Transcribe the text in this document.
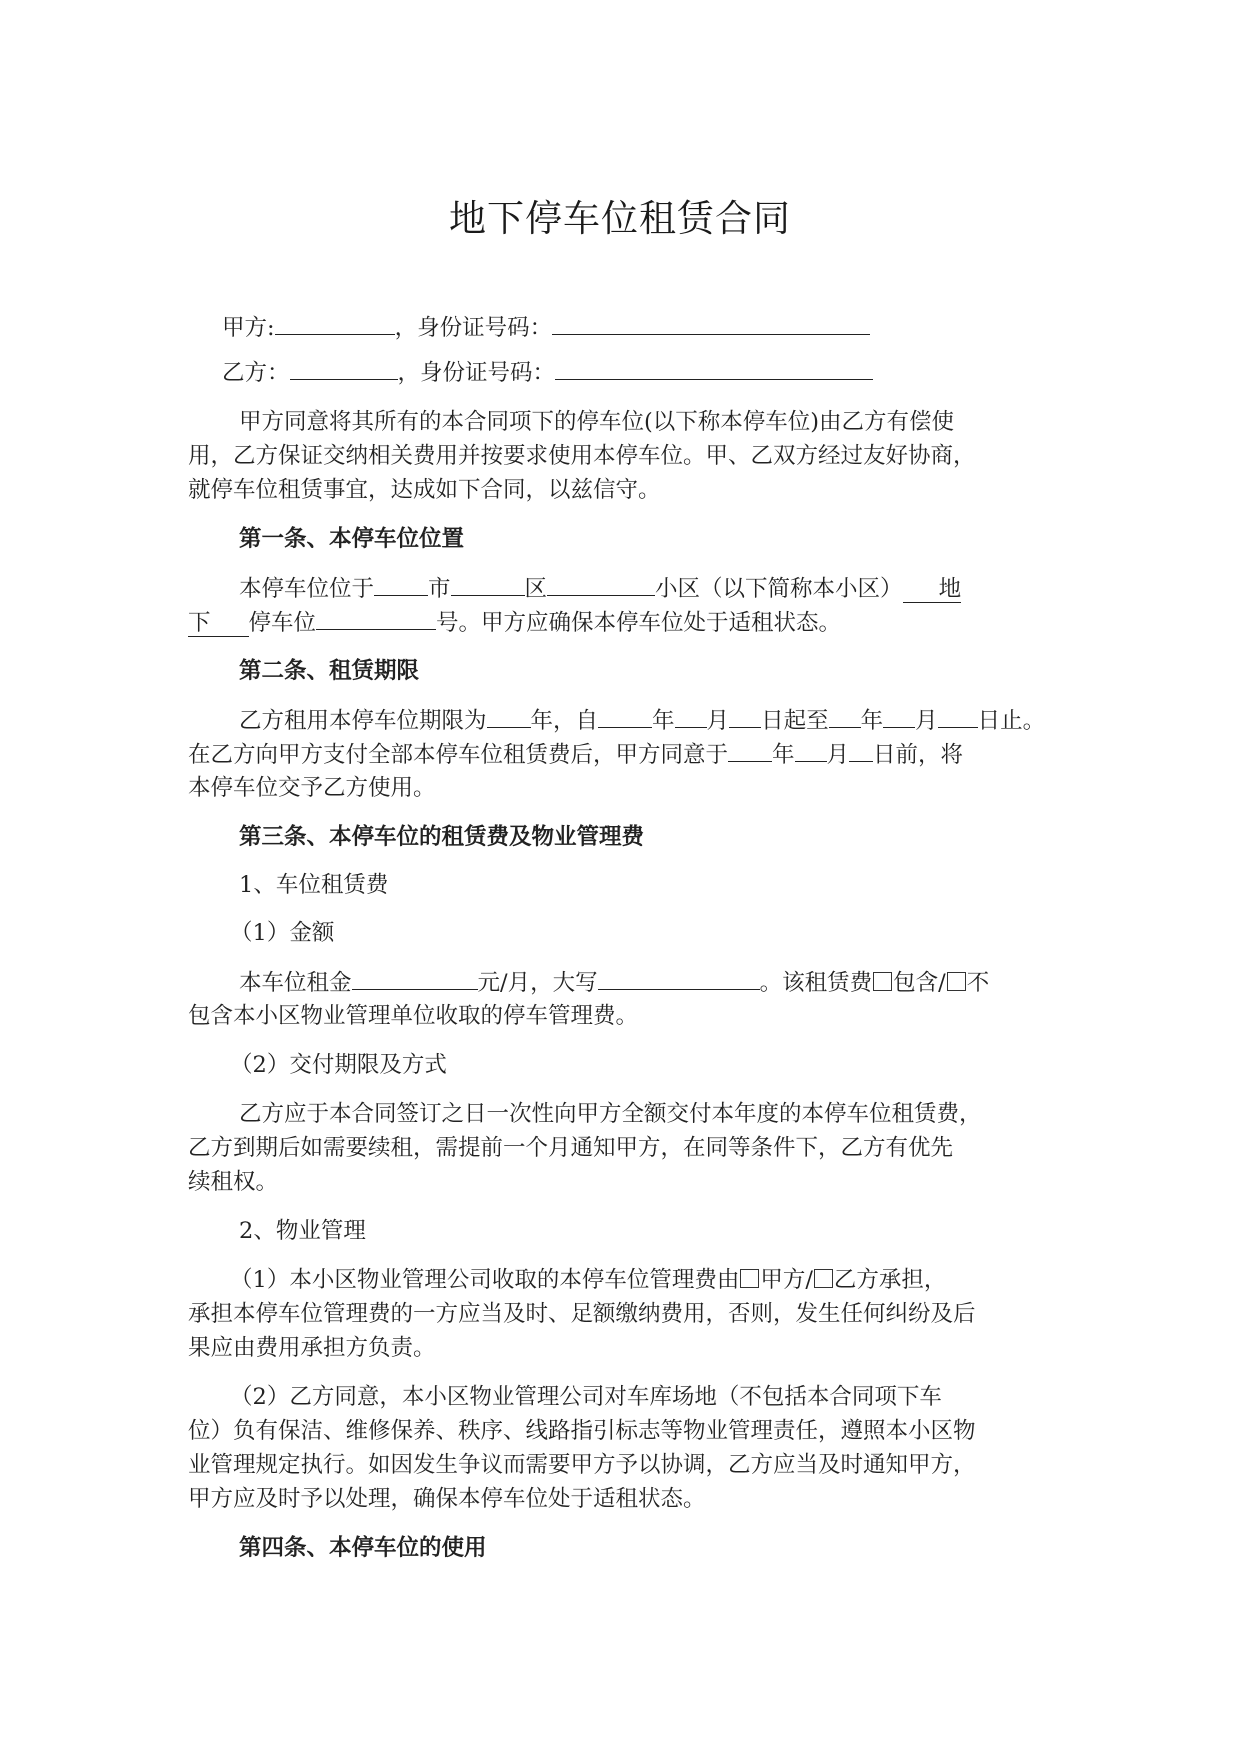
地下停车位租赁合同
甲方:	，身份证号码：
乙方：	，身份证号码：
甲方同意将其所有的本合同项下的停车位(以下称本停车位)由乙方有偿使
用，乙方保证交纳相关费用并按要求使用本停车位。甲、乙双方经过友好协商，
就停车位租赁事宜，达成如下合同，以兹信守。
第一条、本停车位位置
本停车位位于 市	区	小区（以下简称本小区） 地
下 停车位	号。甲方应确保本停车位处于适租状态。
第二条、租赁期限
乙方租用本停车位期限为 年，自 年 月 日起至 年 月 日止。
在乙方向甲方支付全部本停车位租赁费后，甲方同意于 年 月 日前，将
本停车位交予乙方使用。
第三条、本停车位的租赁费及物业管理费
1、车位租赁费
（1）金额
本车位租金	元/月，大写	。该租赁费 包含/ 不
包含本小区物业管理单位收取的停车管理费。
（2）交付期限及方式
乙方应于本合同签订之日一次性向甲方全额交付本年度的本停车位租赁费，
乙方到期后如需要续租，需提前一个月通知甲方，在同等条件下，乙方有优先
续租权。
2、物业管理
（1）本小区物业管理公司收取的本停车位管理费由 甲方/ 乙方承担，
承担本停车位管理费的一方应当及时、足额缴纳费用，否则，发生任何纠纷及后
果应由费用承担方负责。
（2）乙方同意，本小区物业管理公司对车库场地（不包括本合同项下车
位）负有保洁、维修保养、秩序、线路指引标志等物业管理责任，遵照本小区物
业管理规定执行。如因发生争议而需要甲方予以协调，乙方应当及时通知甲方，
甲方应及时予以处理，确保本停车位处于适租状态。
第四条、本停车位的使用
